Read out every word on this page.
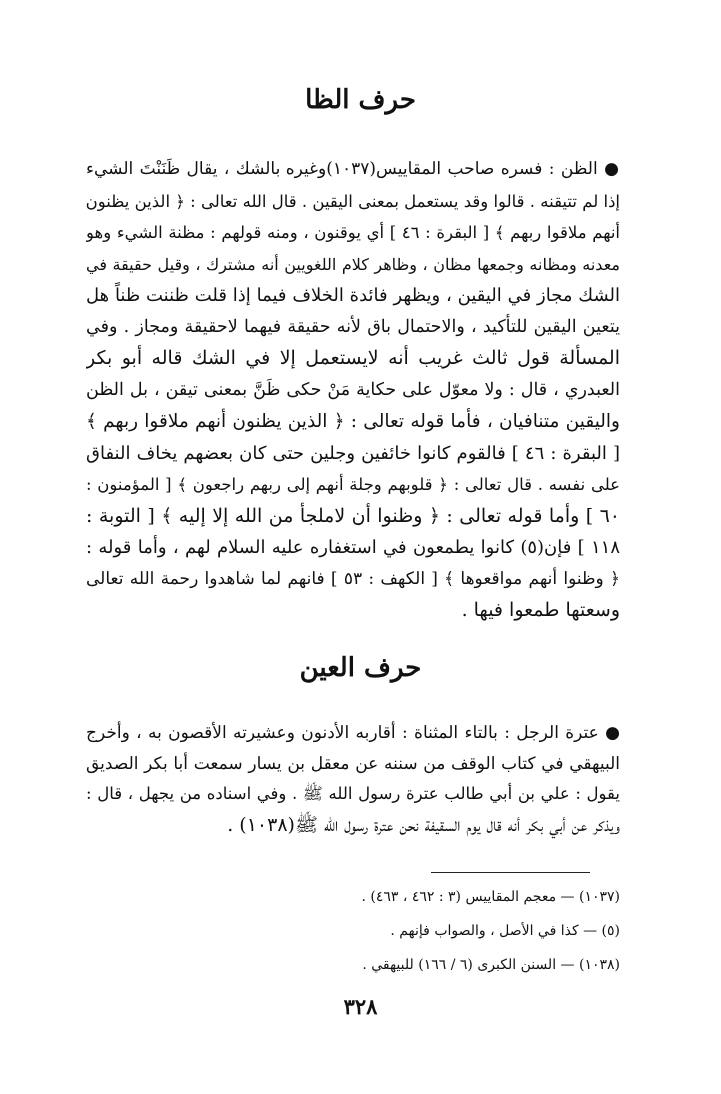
حرف الظا
● الظن : فسره صاحب المقاييس(١٠٣٧)وغيره بالشك ، يقال ظَنَنْتَ الشيء
إذا لم تتيقنه . قالوا وقد يستعمل بمعنى اليقين . قال الله تعالى : ﴿ الذين يظنون
أنهم ملاقوا ربهم ﴾ [ البقرة : ٤٦ ] أي يوقنون ، ومنه قولهم : مظنة الشيء وهو
معدنه ومظانه وجمعها مظان ، وظاهر كلام اللغويين أنه مشترك ، وقيل حقيقة في
الشك مجاز في اليقين ، ويظهر فائدة الخلاف فيما إذا قلت ظننت ظناً هل
يتعين اليقين للتأكيد ، والاحتمال باق لأنه حقيقة فيهما لاحقيقة ومجاز . وفي
المسألة قول ثالث غريب أنه لايستعمل إلا في الشك قاله أبو بكر
العبدري ، قال : ولا معوّل على حكاية مَنْ حكى ظَنَّ بمعنى تيقن ، بل الظن
واليقين متنافيان ، فأما قوله تعالى : ﴿ الذين يظنون أنهم ملاقوا ربهم ﴾
[ البقرة : ٤٦ ] فالقوم كانوا خائفين وجلين حتى كان بعضهم يخاف النفاق
على نفسه . قال تعالى : ﴿ قلوبهم وجلة أنهم إلى ربهم راجعون ﴾ [ المؤمنون :
٦٠ ] وأما قوله تعالى : ﴿ وظنوا أن لاملجأ من الله إلا إليه ﴾ [ التوبة :
١١٨ ] فإن(٥) كانوا يطمعون في استغفاره عليه السلام لهم ، وأما قوله :
﴿ وظنوا أنهم مواقعوها ﴾ [ الكهف : ٥٣ ] فانهم لما شاهدوا رحمة الله تعالى
وسعتها طمعوا فيها .
حرف العين
● عترة الرجل : بالتاء المثناة : أقاربه الأدنون وعشيرته الأقصون به ، وأخرج
البيهقي في كتاب الوقف من سننه عن معقل بن يسار سمعت أبا بكر الصديق
يقول : علي بن أبي طالب عترة رسول الله ﷺ . وفي اسناده من يجهل ، قال :
ويذكر عن أبي بكر أنه قال يوم السقيفة نحن عترة رسول الله ﷺ(١٠٣٨) .
(١٠٣٧) — معجم المقاييس (٣ : ٤٦٢ ، ٤٦٣) .
(٥) — كذا في الأصل ، والصواب فإنهم .
(١٠٣٨) — السنن الكبرى (٦ / ١٦٦) للبيهقي .
٣٢٨
